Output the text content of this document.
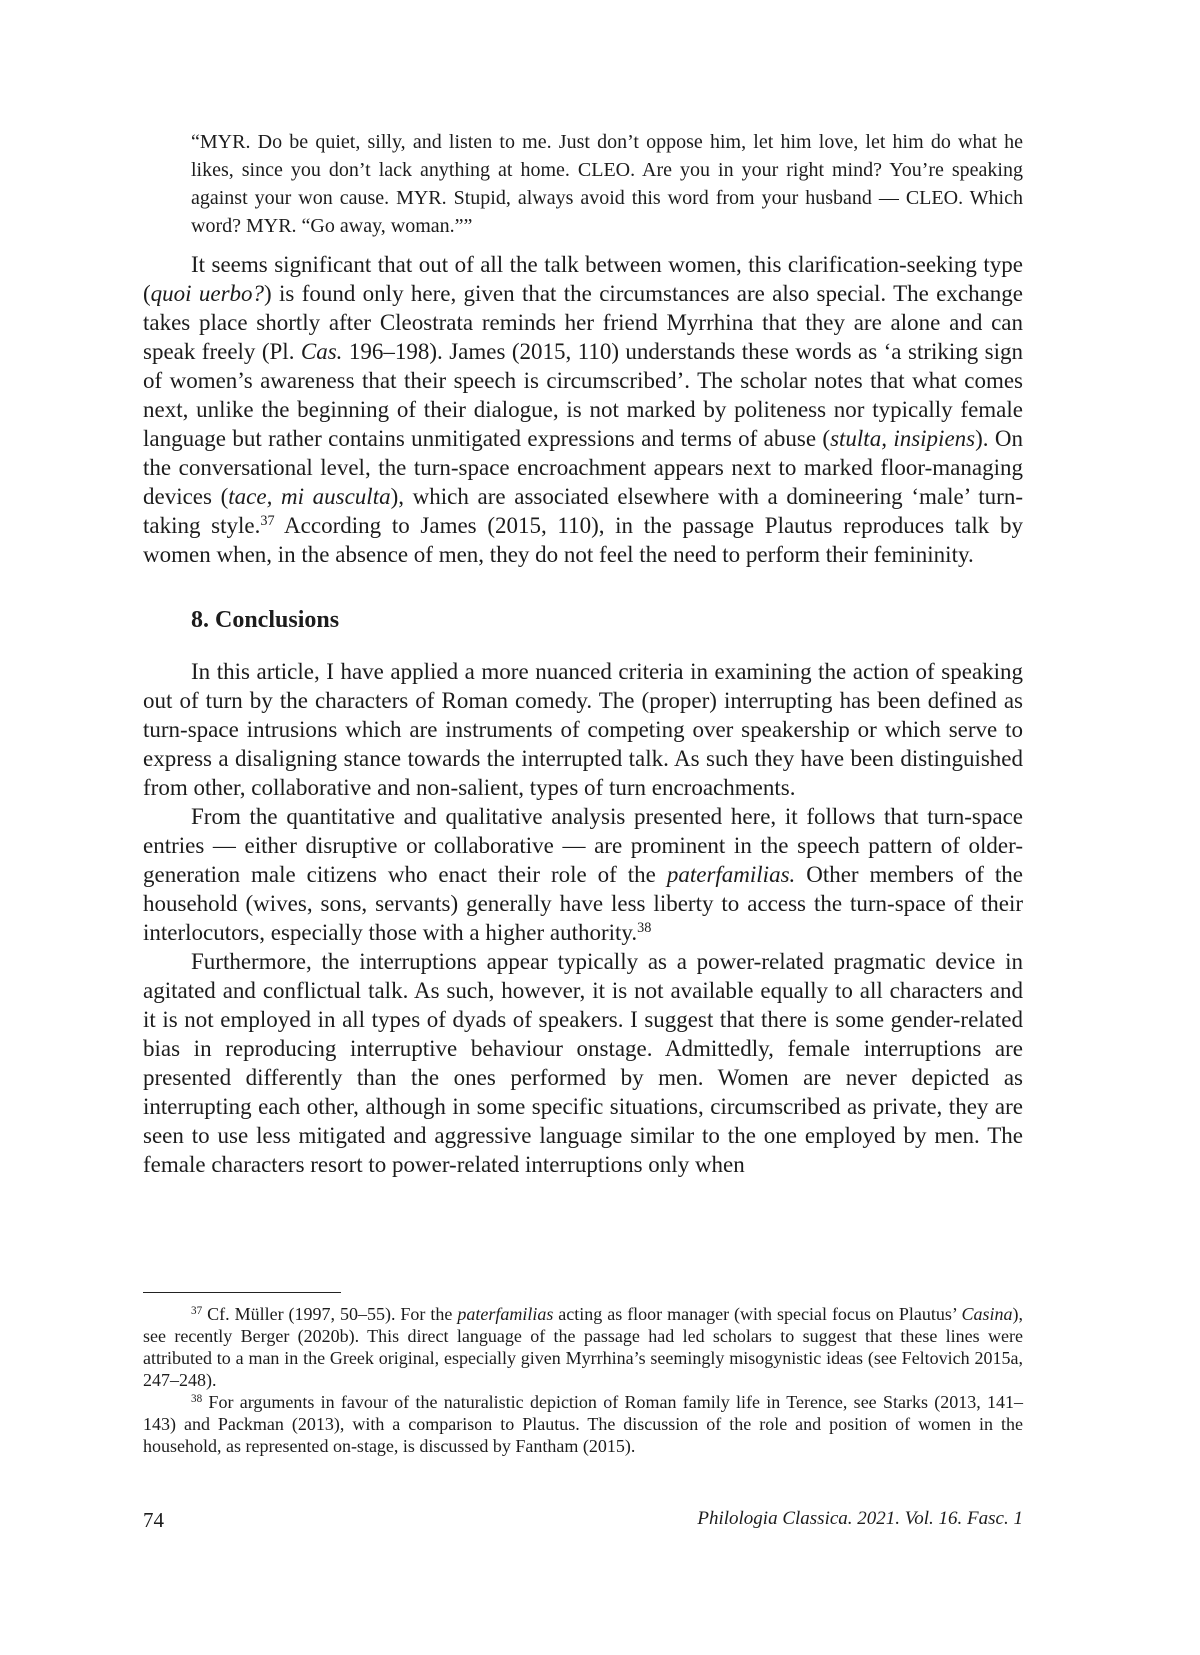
“MYR. Do be quiet, silly, and listen to me. Just don’t oppose him, let him love, let him do what he likes, since you don’t lack anything at home. CLEO. Are you in your right mind? You’re speaking against your won cause. MYR. Stupid, always avoid this word from your husband — CLEO. Which word? MYR. “Go away, woman.””

It seems significant that out of all the talk between women, this clarification-seeking type (quoi uerbo?) is found only here, given that the circumstances are also special. The exchange takes place shortly after Cleostrata reminds her friend Myrrhina that they are alone and can speak freely (Pl. Cas. 196–198). James (2015, 110) understands these words as ‘a striking sign of women’s awareness that their speech is circumscribed’. The scholar notes that what comes next, unlike the beginning of their dialogue, is not marked by politeness nor typically female language but rather contains unmitigated expressions and terms of abuse (stulta, insipiens). On the conversational level, the turn-space encroachment appears next to marked floor-managing devices (tace, mi ausculta), which are associated elsewhere with a domineering ‘male’ turn-taking style.$^{37}$ According to James (2015, 110), in the passage Plautus reproduces talk by women when, in the absence of men, they do not feel the need to perform their femininity.

8. Conclusions

In this article, I have applied a more nuanced criteria in examining the action of speaking out of turn by the characters of Roman comedy. The (proper) interrupting has been defined as turn-space intrusions which are instruments of competing over speakership or which serve to express a disaligning stance towards the interrupted talk. As such they have been distinguished from other, collaborative and non-salient, types of turn encroachments.

From the quantitative and qualitative analysis presented here, it follows that turn-space entries — either disruptive or collaborative — are prominent in the speech pattern of older-generation male citizens who enact their role of the paterfamilias. Other members of the household (wives, sons, servants) generally have less liberty to access the turn-space of their interlocutors, especially those with a higher authority.$^{38}$

Furthermore, the interruptions appear typically as a power-related pragmatic device in agitated and conflictual talk. As such, however, it is not available equally to all characters and it is not employed in all types of dyads of speakers. I suggest that there is some gender-related bias in reproducing interruptive behaviour onstage. Admittedly, female interruptions are presented differently than the ones performed by men. Women are never depicted as interrupting each other, although in some specific situations, circumscribed as private, they are seen to use less mitigated and aggressive language similar to the one employed by men. The female characters resort to power-related interruptions only when

$^{37}$ Cf. Müller (1997, 50–55). For the paterfamilias acting as floor manager (with special focus on Plautus’ Casina), see recently Berger (2020b). This direct language of the passage had led scholars to suggest that these lines were attributed to a man in the Greek original, especially given Myrrhina’s seemingly misogynistic ideas (see Feltovich 2015a, 247–248).

$^{38}$ For arguments in favour of the naturalistic depiction of Roman family life in Terence, see Starks (2013, 141–143) and Packman (2013), with a comparison to Plautus. The discussion of the role and position of women in the household, as represented on-stage, is discussed by Fantham (2015).

74	Philologia Classica. 2021. Vol. 16. Fasc. 1
